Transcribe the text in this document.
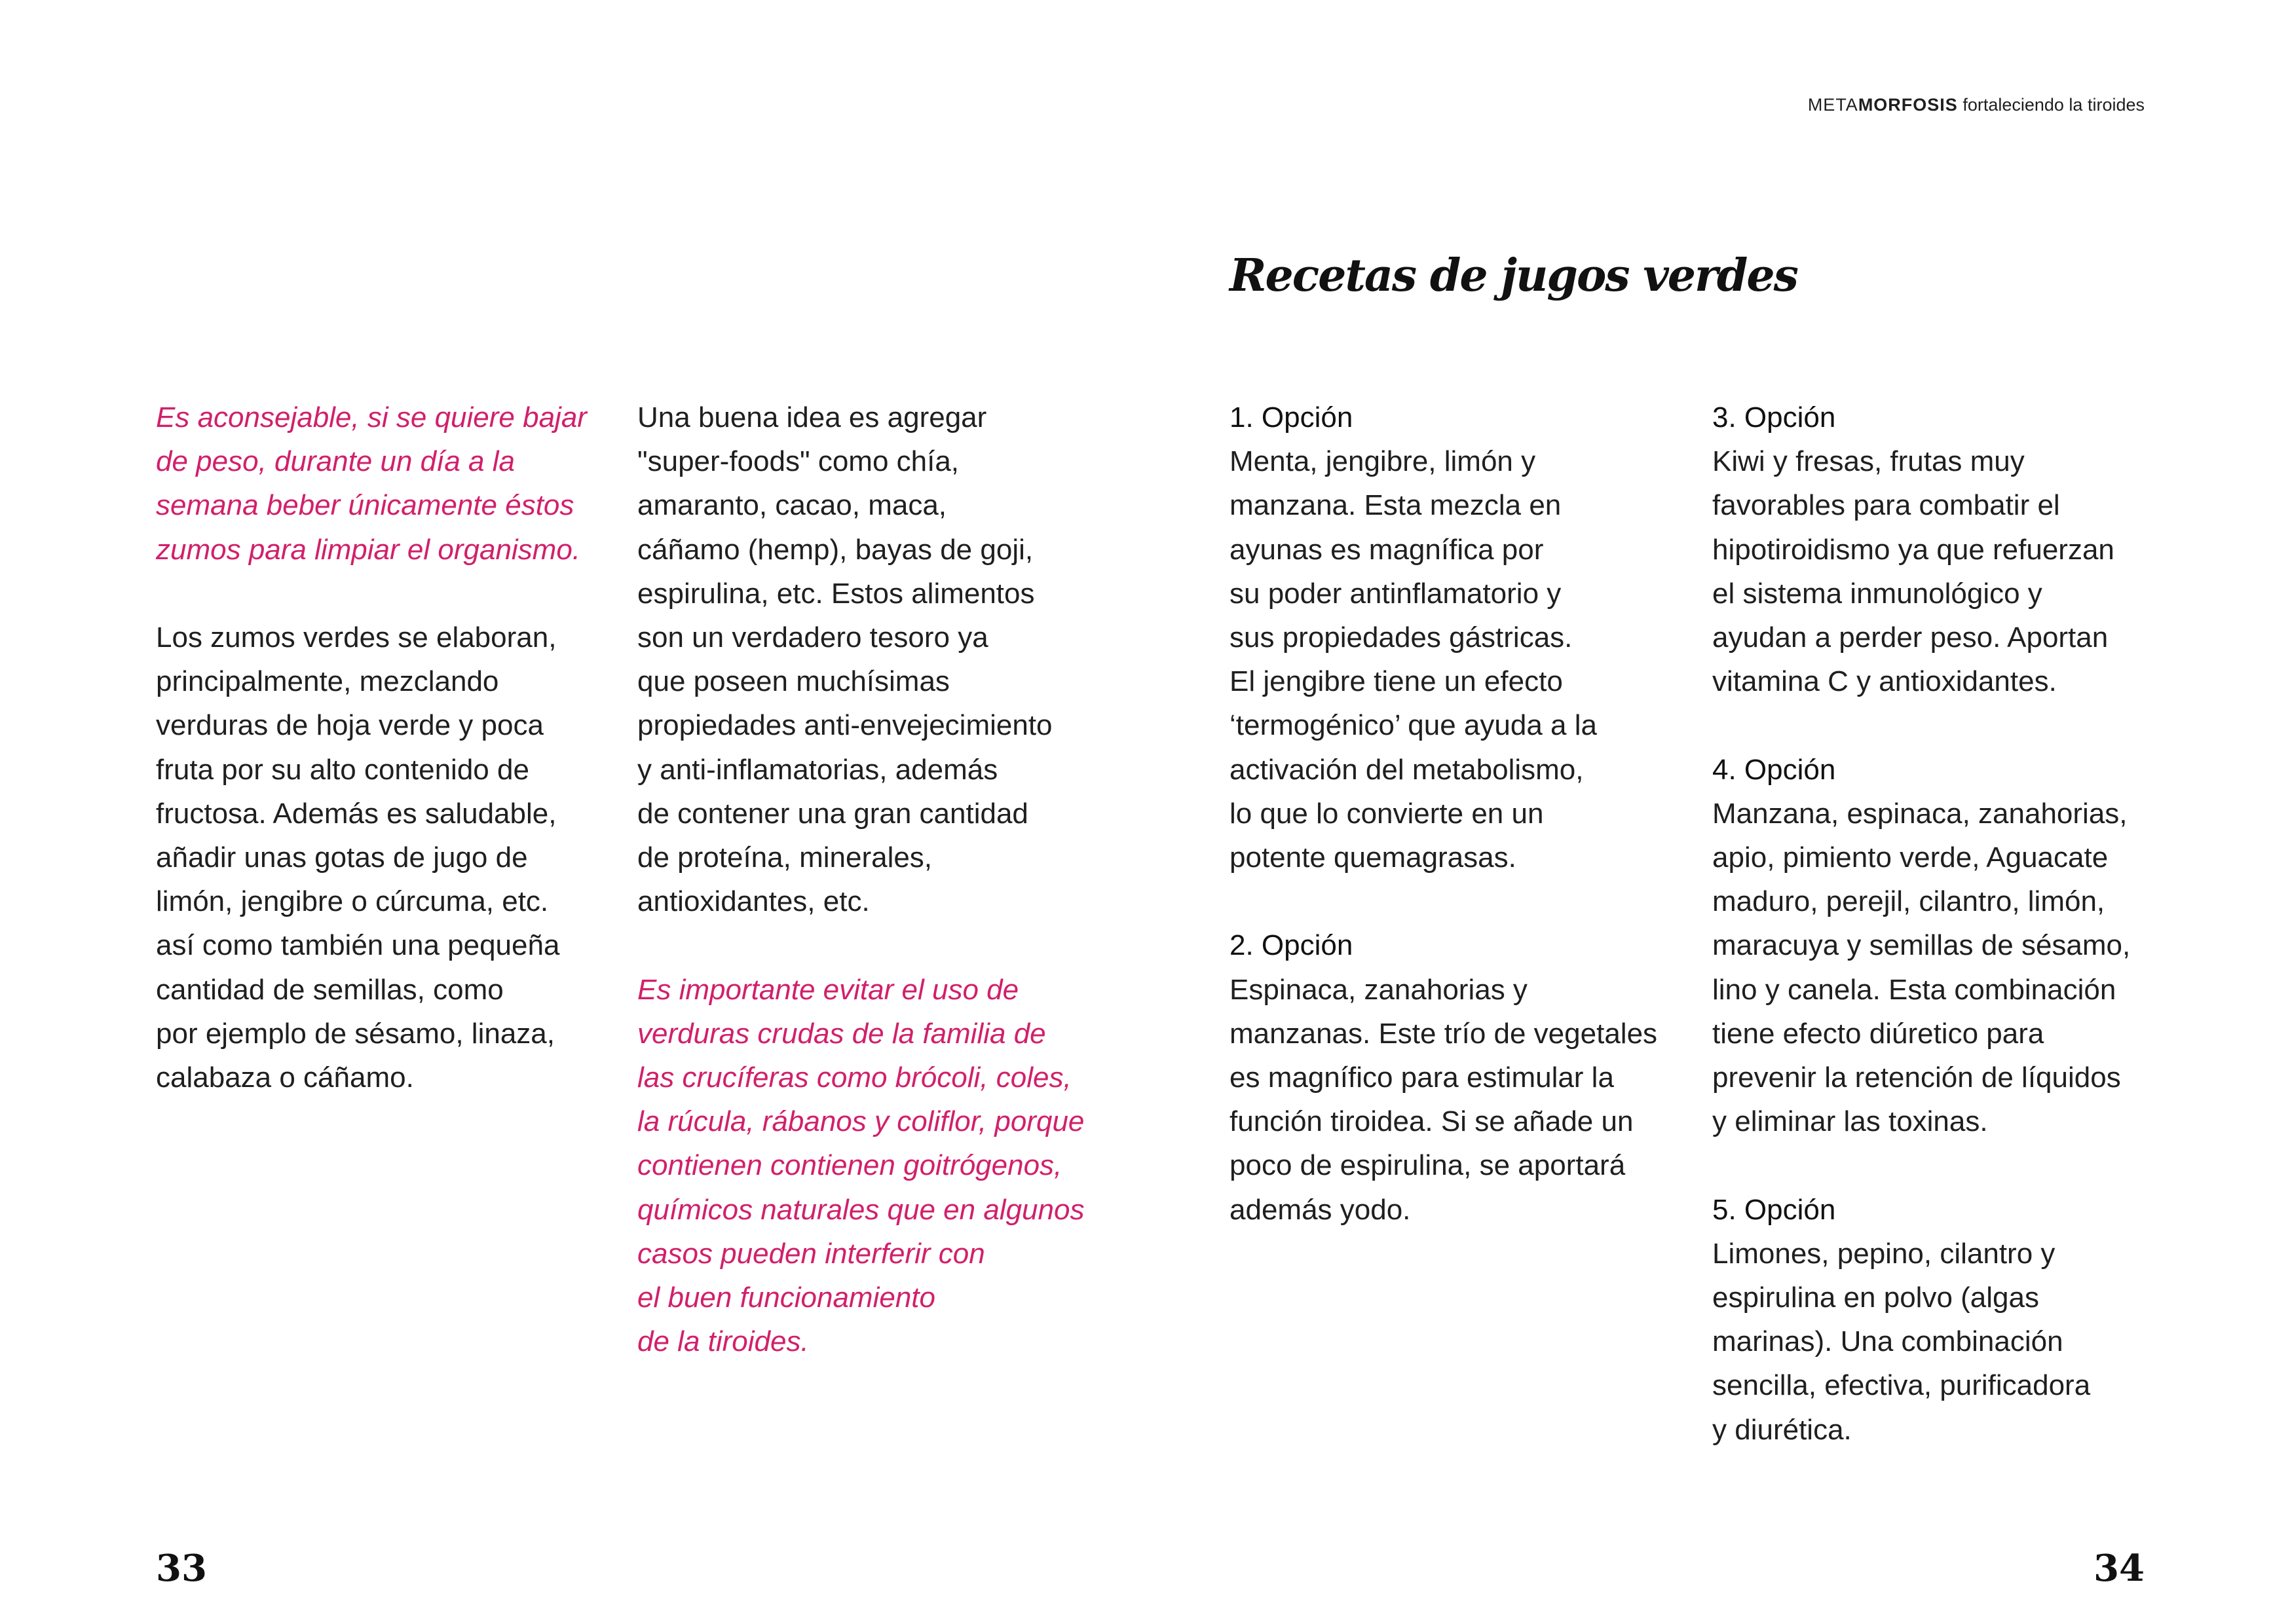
METAMORFOSIS fortaleciendo la tiroides
Recetas de jugos verdes

Es aconsejable, si se quiere bajar
de peso, durante un día a la
semana beber únicamente éstos
zumos para limpiar el organismo.

Los zumos verdes se elaboran,
principalmente, mezclando
verduras de hoja verde y poca
fruta por su alto contenido de
fructosa. Además es saludable,
añadir unas gotas de jugo de
limón, jengibre o cúrcuma, etc.
así como también una pequeña
cantidad de semillas, como
por ejemplo de sésamo, linaza,
calabaza o cáñamo.

Una buena idea es agregar
"super-foods" como chía,
amaranto, cacao, maca,
cáñamo (hemp), bayas de goji,
espirulina, etc. Estos alimentos
son un verdadero tesoro ya
que poseen muchísimas
propiedades anti-envejecimiento
y anti-inflamatorias, además
de contener una gran cantidad
de proteína, minerales,
antioxidantes, etc.

Es importante evitar el uso de
verduras crudas de la familia de
las crucíferas como brócoli, coles,
la rúcula, rábanos y coliflor, porque
contienen contienen goitrógenos,
químicos naturales que en algunos
casos pueden interferir con
el buen funcionamiento
de la tiroides.

1. Opción
Menta, jengibre, limón y
manzana. Esta mezcla en
ayunas es magnífica por
su poder antinflamatorio y
sus propiedades gástricas.
El jengibre tiene un efecto
‘termogénico’ que ayuda a la
activación del metabolismo,
lo que lo convierte en un
potente quemagrasas.

2. Opción
Espinaca, zanahorias y
manzanas. Este trío de vegetales
es magnífico para estimular la
función tiroidea. Si se añade un
poco de espirulina, se aportará
además yodo.

3. Opción
Kiwi y fresas, frutas muy
favorables para combatir el
hipotiroidismo ya que refuerzan
el sistema inmunológico y
ayudan a perder peso. Aportan
vitamina C y antioxidantes.

4. Opción
Manzana, espinaca, zanahorias,
apio, pimiento verde, Aguacate
maduro, perejil, cilantro, limón,
maracuya y semillas de sésamo,
lino y canela. Esta combinación
tiene efecto diúretico para
prevenir la retención de líquidos
y eliminar las toxinas.

5. Opción
Limones, pepino, cilantro y
espirulina en polvo (algas
marinas). Una combinación
sencilla, efectiva, purificadora
y diurética.

33	34
